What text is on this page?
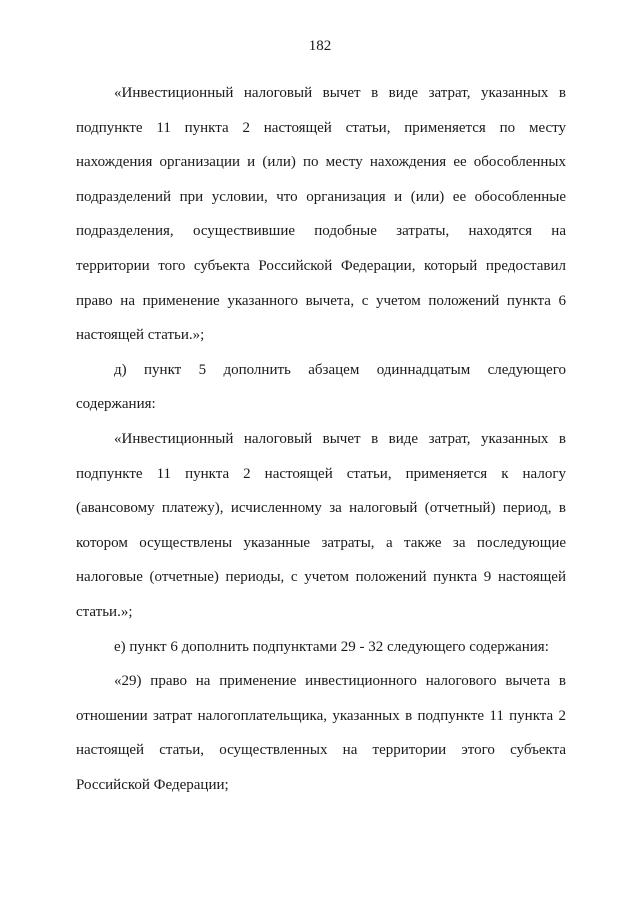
182

«Инвестиционный налоговый вычет в виде затрат, указанных в
подпункте 11 пункта 2 настоящей статьи, применяется по месту
нахождения организации и (или) по месту нахождения ее обособленных
подразделений при условии, что организация и (или) ее обособленные
подразделения, осуществившие подобные затраты, находятся на
территории того субъекта Российской Федерации, который предоставил
право на применение указанного вычета, с учетом положений пункта 6
настоящей статьи.»;

д) пункт 5 дополнить абзацем одиннадцатым следующего
содержания:

«Инвестиционный налоговый вычет в виде затрат, указанных в
подпункте 11 пункта 2 настоящей статьи, применяется к налогу
(авансовому платежу), исчисленному за налоговый (отчетный) период, в
котором осуществлены указанные затраты, а также за последующие
налоговые (отчетные) периоды, с учетом положений пункта 9 настоящей
статьи.»;

е) пункт 6 дополнить подпунктами 29 - 32 следующего содержания:

«29) право на применение инвестиционного налогового вычета в
отношении затрат налогоплательщика, указанных в подпункте 11 пункта 2
настоящей статьи, осуществленных на территории этого субъекта
Российской Федерации;
